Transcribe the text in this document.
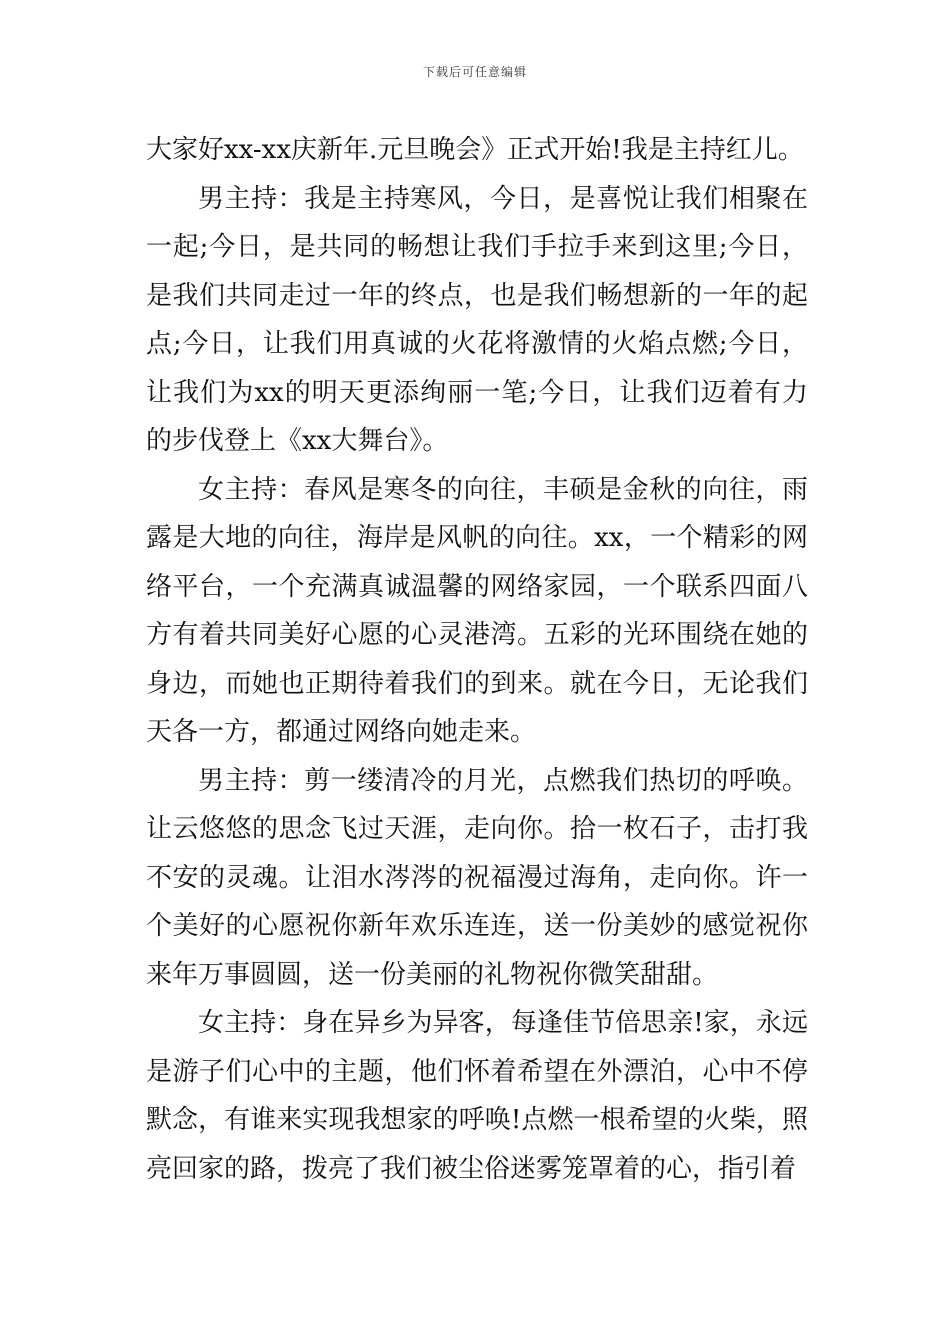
下载后可任意编辑

大家好xx-xx庆新年.元旦晚会》正式开始!我是主持红儿。

男主持：我是主持寒风，今日，是喜悦让我们相聚在一起;今日，是共同的畅想让我们手拉手来到这里;今日，是我们共同走过一年的终点，也是我们畅想新的一年的起点;今日，让我们用真诚的火花将激情的火焰点燃;今日，让我们为xx的明天更添绚丽一笔;今日，让我们迈着有力的步伐登上《xx大舞台》。

女主持：春风是寒冬的向往，丰硕是金秋的向往，雨露是大地的向往，海岸是风帆的向往。xx，一个精彩的网络平台，一个充满真诚温馨的网络家园，一个联系四面八方有着共同美好心愿的心灵港湾。五彩的光环围绕在她的身边，而她也正期待着我们的到来。就在今日，无论我们天各一方，都通过网络向她走来。

男主持：剪一缕清冷的月光，点燃我们热切的呼唤。让云悠悠的思念飞过天涯，走向你。拾一枚石子，击打我不安的灵魂。让泪水涔涔的祝福漫过海角，走向你。许一个美好的心愿祝你新年欢乐连连，送一份美妙的感觉祝你来年万事圆圆，送一份美丽的礼物祝你微笑甜甜。

女主持：身在异乡为异客，每逢佳节倍思亲!家，永远是游子们心中的主题，他们怀着希望在外漂泊，心中不停默念，有谁来实现我想家的呼唤!点燃一根希望的火柴，照亮回家的路，拨亮了我们被尘俗迷雾笼罩着的心，指引着
